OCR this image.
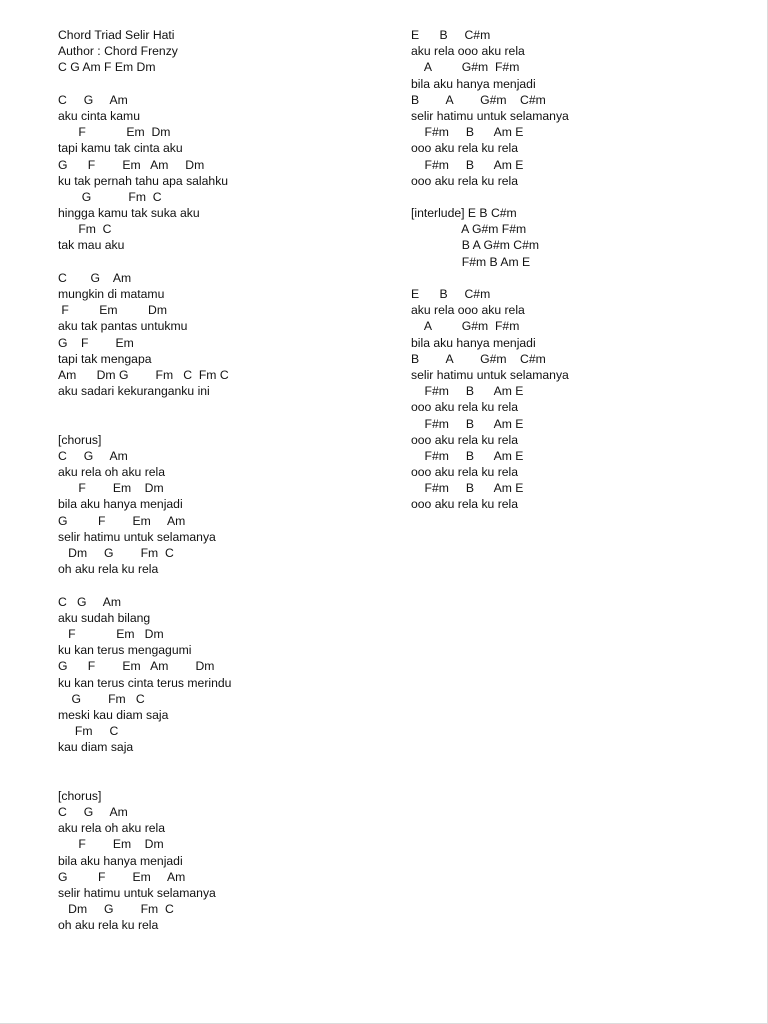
Chord Triad Selir Hati
Author : Chord Frenzy
C G Am F Em Dm
C     G     Am
aku cinta kamu
F            Em  Dm
tapi kamu tak cinta aku
G      F        Em   Am     Dm
ku tak pernah tahu apa salahku
G           Fm  C
hingga kamu tak suka aku
Fm  C
tak mau aku
C       G    Am
mungkin di matamu
F         Em         Dm
aku tak pantas untukmu
G    F        Em
tapi tak mengapa
Am      Dm G        Fm   C  Fm C
aku sadari kekuranganku ini
[chorus]
C     G     Am
aku rela oh aku rela
F        Em    Dm
bila aku hanya menjadi
G         F        Em     Am
selir hatimu untuk selamanya
Dm     G        Fm  C
oh aku rela ku rela
C   G     Am
aku sudah bilang
F            Em   Dm
ku kan terus mengagumi
G      F        Em   Am        Dm
ku kan terus cinta terus merindu
G        Fm   C
meski kau diam saja
Fm     C
kau diam saja
[chorus]
C     G     Am
aku rela oh aku rela
F        Em    Dm
bila aku hanya menjadi
G         F        Em     Am
selir hatimu untuk selamanya
Dm     G        Fm  C
oh aku rela ku rela
E      B     C#m
aku rela ooo aku rela
A         G#m  F#m
bila aku hanya menjadi
B        A        G#m    C#m
selir hatimu untuk selamanya
F#m     B      Am E
ooo aku rela ku rela
F#m     B      Am E
ooo aku rela ku rela
[interlude] E B C#m
A G#m F#m
B A G#m C#m
F#m B Am E
E      B     C#m
aku rela ooo aku rela
A         G#m  F#m
bila aku hanya menjadi
B        A        G#m    C#m
selir hatimu untuk selamanya
F#m     B      Am E
ooo aku rela ku rela
F#m     B      Am E
ooo aku rela ku rela
F#m     B      Am E
ooo aku rela ku rela
F#m     B      Am E
ooo aku rela ku rela
